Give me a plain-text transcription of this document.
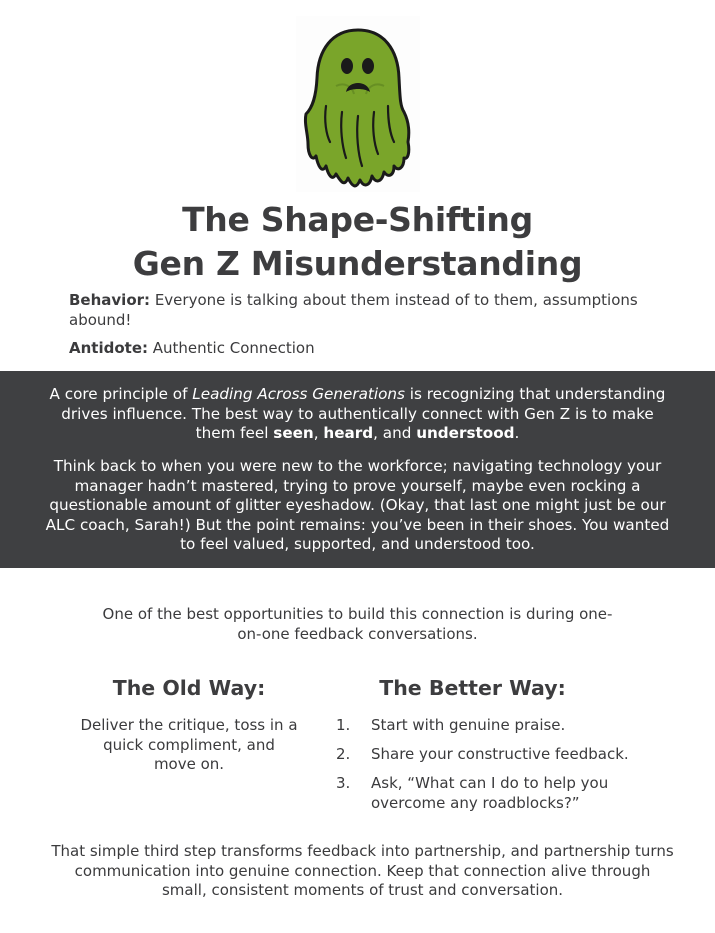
The Shape-Shifting
Gen Z Misunderstanding
Behavior: Everyone is talking about them instead of to them, assumptions abound!
Antidote: Authentic Connection

A core principle of Leading Across Generations is recognizing that understanding drives influence. The best way to authentically connect with Gen Z is to make them feel seen, heard, and understood.

Think back to when you were new to the workforce; navigating technology your manager hadn’t mastered, trying to prove yourself, maybe even rocking a questionable amount of glitter eyeshadow. (Okay, that last one might just be our ALC coach, Sarah!) But the point remains: you’ve been in their shoes. You wanted to feel valued, supported, and understood too.

One of the best opportunities to build this connection is during one-on-one feedback conversations.
The Old Way:	The Better Way:
Deliver the critique, toss in a quick compliment, and move on.
1. Start with genuine praise.
2. Share your constructive feedback.
3. Ask, “What can I do to help you overcome any roadblocks?”
That simple third step transforms feedback into partnership, and partnership turns communication into genuine connection. Keep that connection alive through small, consistent moments of trust and conversation.
